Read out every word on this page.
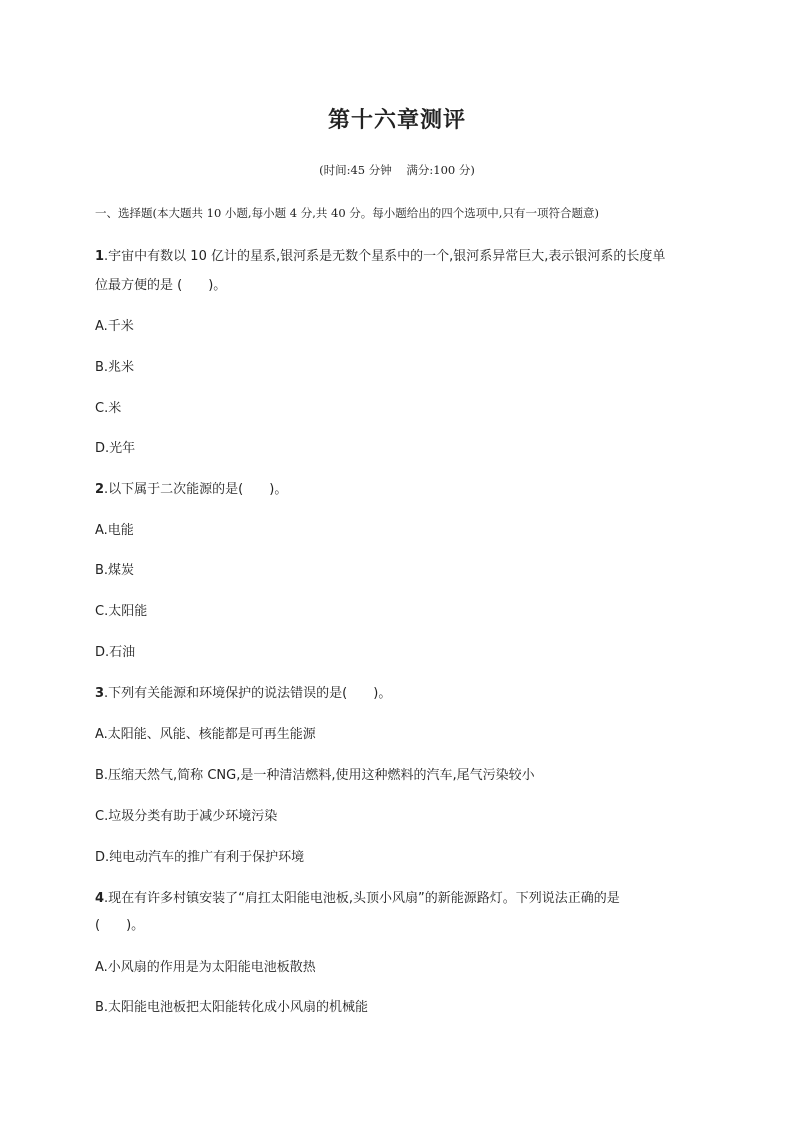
第十六章测评
(时间:45 分钟    满分:100 分)
一、选择题(本大题共 10 小题,每小题 4 分,共 40 分。每小题给出的四个选项中,只有一项符合题意)
1.宇宙中有数以 10 亿计的星系,银河系是无数个星系中的一个,银河系异常巨大,表示银河系的长度单
位最方便的是 (　　)。
A.千米
B.兆米
C.米
D.光年
2.以下属于二次能源的是(　　)。
A.电能
B.煤炭
C.太阳能
D.石油
3.下列有关能源和环境保护的说法错误的是(　　)。
A.太阳能、风能、核能都是可再生能源
B.压缩天然气,简称 CNG,是一种清洁燃料,使用这种燃料的汽车,尾气污染较小
C.垃圾分类有助于减少环境污染
D.纯电动汽车的推广有利于保护环境
4.现在有许多村镇安装了“肩扛太阳能电池板,头顶小风扇”的新能源路灯。下列说法正确的是
(　　)。
A.小风扇的作用是为太阳能电池板散热
B.太阳能电池板把太阳能转化成小风扇的机械能
